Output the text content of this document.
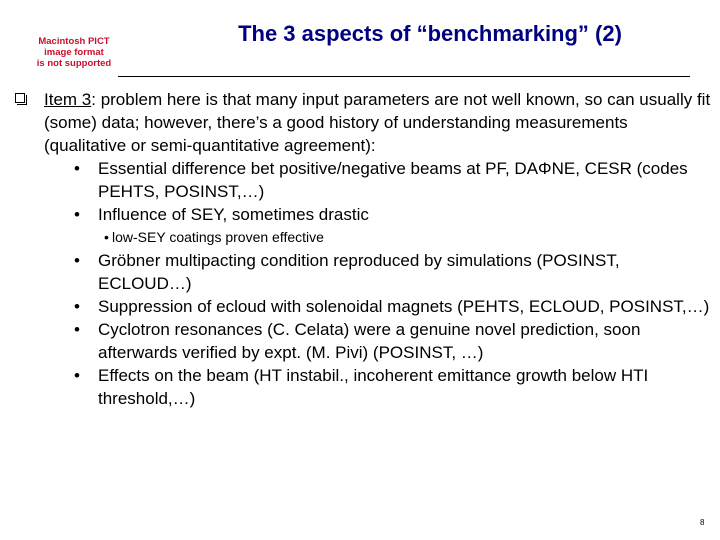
Macintosh PICT
image format
is not supported
The 3 aspects of “benchmarking” (2)

Item 3: problem here is that many input parameters are not well known, so can usually fit (some) data; however, there’s a good history of understanding measurements (qualitative or semi-quantitative agreement):

• Essential difference bet positive/negative beams at PF, DAΦNE, CESR (codes PEHTS, POSINST,…)

• Influence of SEY, sometimes drastic

• low-SEY coatings proven effective

• Gröbner multipacting condition reproduced by simulations (POSINST, ECLOUD…)

• Suppression of ecloud with solenoidal magnets (PEHTS, ECLOUD, POSINST,…)

• Cyclotron resonances (C. Celata) were a genuine novel prediction, soon afterwards verified by expt. (M. Pivi) (POSINST, …)

• Effects on the beam (HT instabil., incoherent emittance growth below HTI threshold,…)

8
